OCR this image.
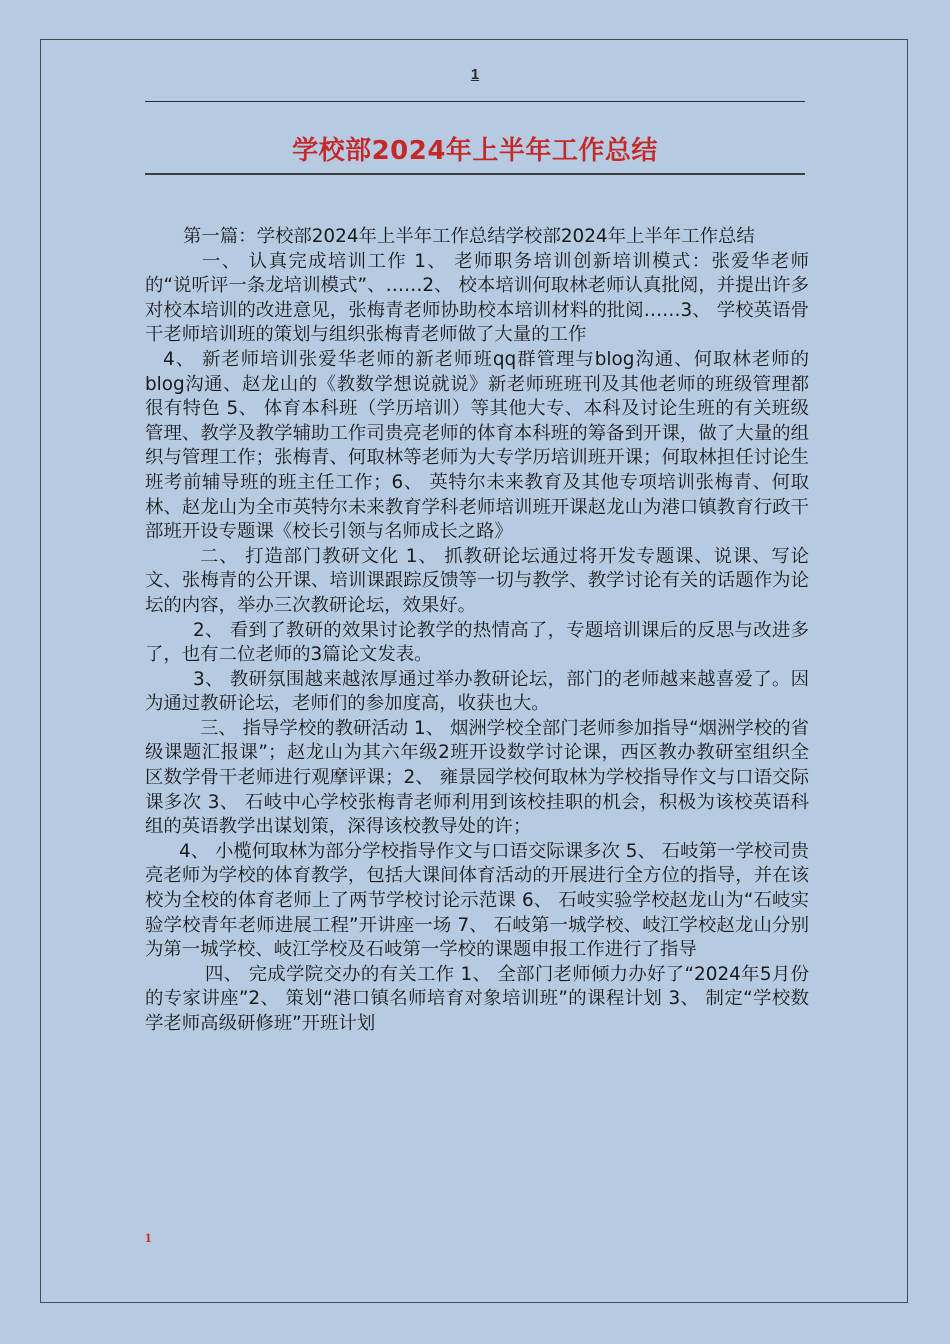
1
学校部2024年上半年工作总结

第一篇：学校部2024年上半年工作总结学校部2024年上半年工作总结

一、 认真完成培训工作 1、 老师职务培训创新培训模式：张爱华老师的“说听评一条龙培训模式”、……2、 校本培训何取林老师认真批阅，并提出许多对校本培训的改进意见，张梅青老师协助校本培训材料的批阅……3、 学校英语骨干老师培训班的策划与组织张梅青老师做了大量的工作

4、 新老师培训张爱华老师的新老师班qq群管理与blog沟通、何取林老师的blog沟通、赵龙山的《教数学想说就说》新老师班班刊及其他老师的班级管理都很有特色 5、 体育本科班（学历培训）等其他大专、本科及讨论生班的有关班级管理、教学及教学辅助工作司贵亮老师的体育本科班的筹备到开课，做了大量的组织与管理工作；张梅青、何取林等老师为大专学历培训班开课；何取林担任讨论生班考前辅导班的班主任工作；6、 英特尔未来教育及其他专项培训张梅青、何取林、赵龙山为全市英特尔未来教育学科老师培训班开课赵龙山为港口镇教育行政干部班开设专题课《校长引领与名师成长之路》

二、 打造部门教研文化 1、 抓教研论坛通过将开发专题课、说课、写论文、张梅青的公开课、培训课跟踪反馈等一切与教学、教学讨论有关的话题作为论坛的内容，举办三次教研论坛，效果好。

2、 看到了教研的效果讨论教学的热情高了，专题培训课后的反思与改进多了，也有二位老师的3篇论文发表。

3、 教研氛围越来越浓厚通过举办教研论坛，部门的老师越来越喜爱了。因为通过教研论坛，老师们的参加度高，收获也大。

三、 指导学校的教研活动 1、 烟洲学校全部门老师参加指导“烟洲学校的省级课题汇报课”；赵龙山为其六年级2班开设数学讨论课，西区教办教研室组织全区数学骨干老师进行观摩评课；2、 雍景园学校何取林为学校指导作文与口语交际课多次 3、 石岐中心学校张梅青老师利用到该校挂职的机会，积极为该校英语科组的英语教学出谋划策，深得该校教导处的许；

4、 小榄何取林为部分学校指导作文与口语交际课多次 5、 石岐第一学校司贵亮老师为学校的体育教学，包括大课间体育活动的开展进行全方位的指导，并在该校为全校的体育老师上了两节学校讨论示范课 6、 石岐实验学校赵龙山为“石岐实验学校青年老师进展工程”开讲座一场 7、 石岐第一城学校、岐江学校赵龙山分别为第一城学校、岐江学校及石岐第一学校的课题申报工作进行了指导

四、 完成学院交办的有关工作 1、 全部门老师倾力办好了“2024年5月份的专家讲座”2、 策划“港口镇名师培育对象培训班”的课程计划 3、 制定“学校数学老师高级研修班”开班计划

1
